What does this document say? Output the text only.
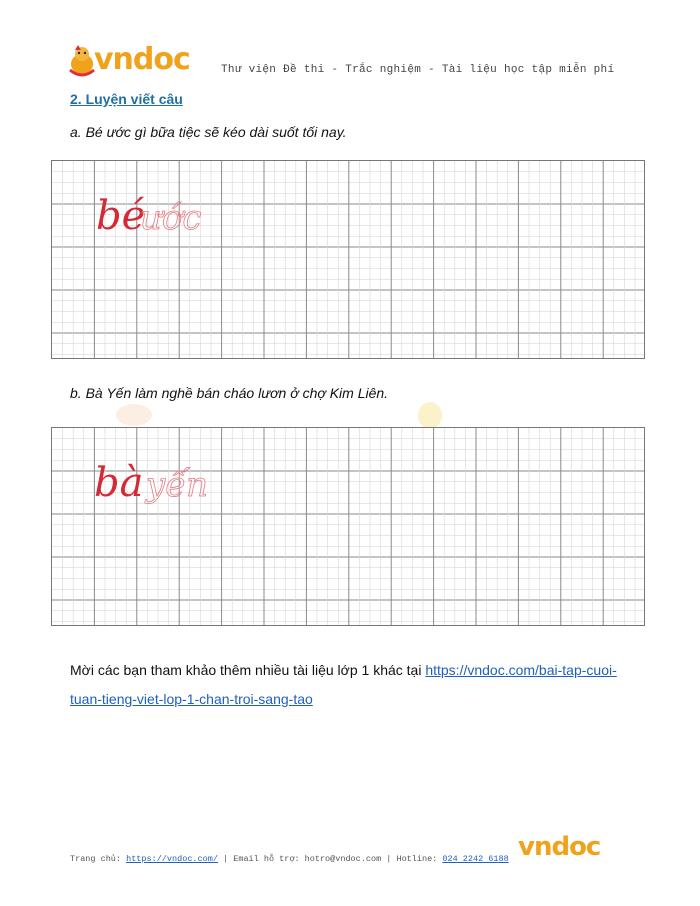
vndoc	Thư viện Đề thi - Trắc nghiệm - Tài liệu học tập miễn phí
2. Luyện viết câu
a. Bé ước gì bữa tiệc sẽ kéo dài suốt tối nay.
bé
ước
b. Bà Yến làm nghề bán cháo lươn ở chợ Kim Liên.
bà yến
Mời các bạn tham khảo thêm nhiều tài liệu lớp 1 khác tại https://vndoc.com/bai-tap-cuoi-tuan-tieng-viet-lop-1-chan-troi-sang-tao
Trang chủ: https://vndoc.com/ | Email hỗ trợ: hotro@vndoc.com | Hotline: 024 2242 6188 vndoc
